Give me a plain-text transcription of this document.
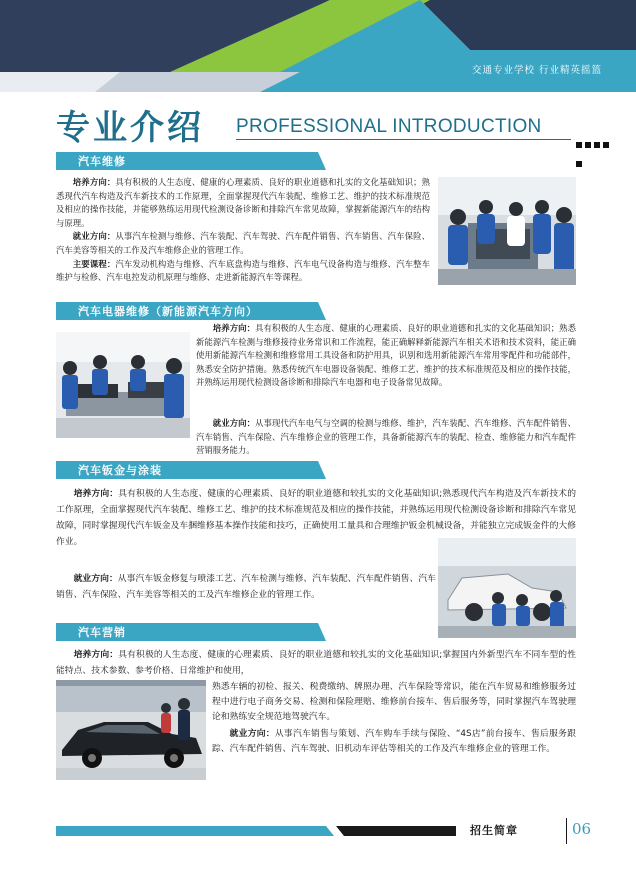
交通专业学校 行业精英摇篮
专业介绍 PROFESSIONAL INTRODUCTION
汽车维修
培养方向：具有积极的人生态度、健康的心理素质、良好的职业道德和扎实的文化基础知识；熟悉现代汽车构造及汽车新技术的工作原理，全面掌握现代汽车装配、维修工艺、维护的技术标准规范及相应的操作技能，并能够熟练运用现代检测设备诊断和排除汽车常见故障，掌握新能源汽车的结构与原理。
就业方向：从事汽车检测与维修、汽车装配、汽车驾驶、汽车配件销售、汽车销售、汽车保险、汽车美容等相关的工作及汽车维修企业的管理工作。
主要课程：汽车发动机构造与维修、汽车底盘构造与维修、汽车电气设备构造与维修、汽车整车维护与检修、汽车电控发动机原理与维修、走进新能源汽车等课程。
汽车电器维修（新能源汽车方向）
培养方向：具有积极的人生态度、健康的心理素质、良好的职业道德和扎实的文化基础知识；熟悉新能源汽车检测与维修接待业务常识和工作流程，能正确解释新能源汽车相关术语和技术资料，能正确使用新能源汽车检测和维修常用工具设备和防护用具，识别和选用新能源汽车常用零配件和功能部件，熟悉安全防护措施。熟悉传统汽车电器设备装配、维修工艺、维护的技术标准规范及相应的操作技能，并熟练运用现代检测设备诊断和排除汽车电器和电子设备常见故障。
就业方向：从事现代汽车电气与空调的检测与维修、维护，汽车装配、汽车维修、汽车配件销售、汽车销售、汽车保险、汽车维修企业的管理工作，具备新能源汽车的装配、检查、维修能力和汽车配件营销服务能力。
汽车钣金与涂装
培养方向：具有积极的人生态度、健康的心理素质、良好的职业道德和较扎实的文化基础知识;熟悉现代汽车构造及汽车新技术的工作原理，全面掌握现代汽车装配、维修工艺、维护的技术标准规范及相应的操作技能，并熟练运用现代检测设备诊断和排除汽车常见故障，同时掌握现代汽车钣金及车捆维修基本操作技能和技巧，正确使用工量具和合理维护钣金机械设备，并能独立完成钣金件的大修作业。
就业方向：从事汽车钣金修复与喷漆工艺、汽车检测与维修、汽车装配、汽车配件销售、汽车销售、汽车保险、汽车美容等相关的工及汽车维修企业的管理工作。
汽车营销
培养方向：具有积极的人生态度、健康的心理素质、良好的职业道德和较扎实的文化基础知识;掌握国内外新型汽车不同车型的性能特点、技术参数、参考价格、日常维护和使用，
熟悉车辆的初检、报关、税费缴纳、牌照办理、汽车保险等常识，能在汽车贸易和维修服务过程中进行电子商务交易、检测和保险理赔、维修前台接车、售后服务等，同时掌握汽车驾驶理论和熟练安全规范地驾驶汽车。
就业方向：从事汽车销售与策划、汽车购车手续与保险、“4S店”前台接车、售后服务跟踪、汽车配件销售、汽车驾驶、旧机动车评估等相关的工作及汽车维修企业的管理工作。
招生简章	06
